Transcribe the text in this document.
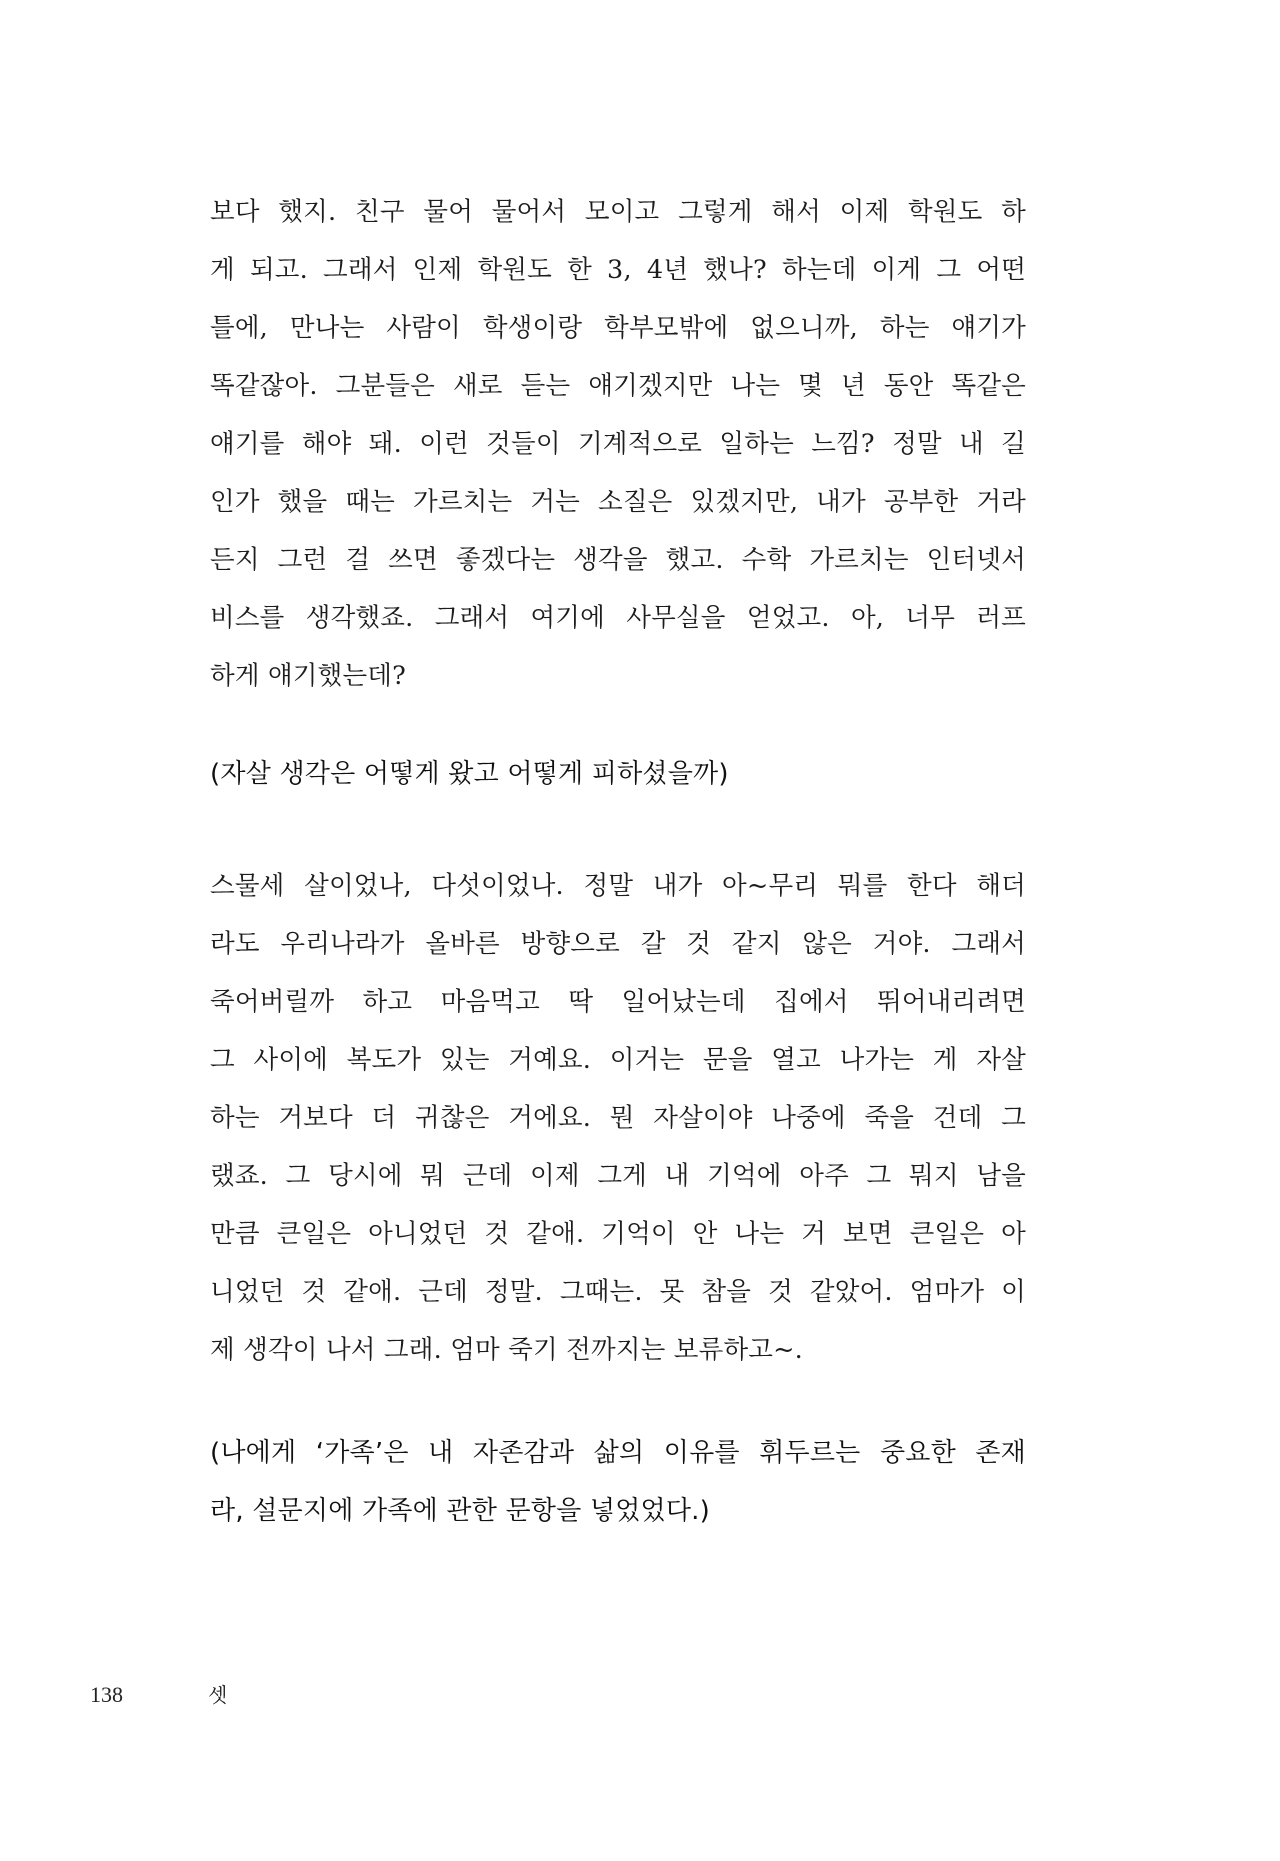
보다 했지. 친구 물어 물어서 모이고 그렇게 해서 이제 학원도 하
게 되고. 그래서 인제 학원도 한 3, 4년 했나? 하는데 이게 그 어떤
틀에, 만나는 사람이 학생이랑 학부모밖에 없으니까, 하는 얘기가
똑같잖아. 그분들은 새로 듣는 얘기겠지만 나는 몇 년 동안 똑같은
얘기를 해야 돼. 이런 것들이 기계적으로 일하는 느낌? 정말 내 길
인가 했을 때는 가르치는 거는 소질은 있겠지만, 내가 공부한 거라
든지 그런 걸 쓰면 좋겠다는 생각을 했고. 수학 가르치는 인터넷서
비스를 생각했죠. 그래서 여기에 사무실을 얻었고. 아, 너무 러프
하게 얘기했는데?
(자살 생각은 어떻게 왔고 어떻게 피하셨을까)
스물세 살이었나, 다섯이었나. 정말 내가 아~무리 뭐를 한다 해더
라도 우리나라가 올바른 방향으로 갈 것 같지 않은 거야. 그래서
죽어버릴까 하고 마음먹고 딱 일어났는데 집에서 뛰어내리려면
그 사이에 복도가 있는 거예요. 이거는 문을 열고 나가는 게 자살
하는 거보다 더 귀찮은 거에요. 뭔 자살이야 나중에 죽을 건데 그
랬죠. 그 당시에 뭐 근데 이제 그게 내 기억에 아주 그 뭐지 남을
만큼 큰일은 아니었던 것 같애. 기억이 안 나는 거 보면 큰일은 아
니었던 것 같애. 근데 정말. 그때는. 못 참을 것 같았어. 엄마가 이
제 생각이 나서 그래. 엄마 죽기 전까지는 보류하고~.
(나에게 ‘가족’은 내 자존감과 삶의 이유를 휘두르는 중요한 존재
라, 설문지에 가족에 관한 문항을 넣었었다.)
138	셋
